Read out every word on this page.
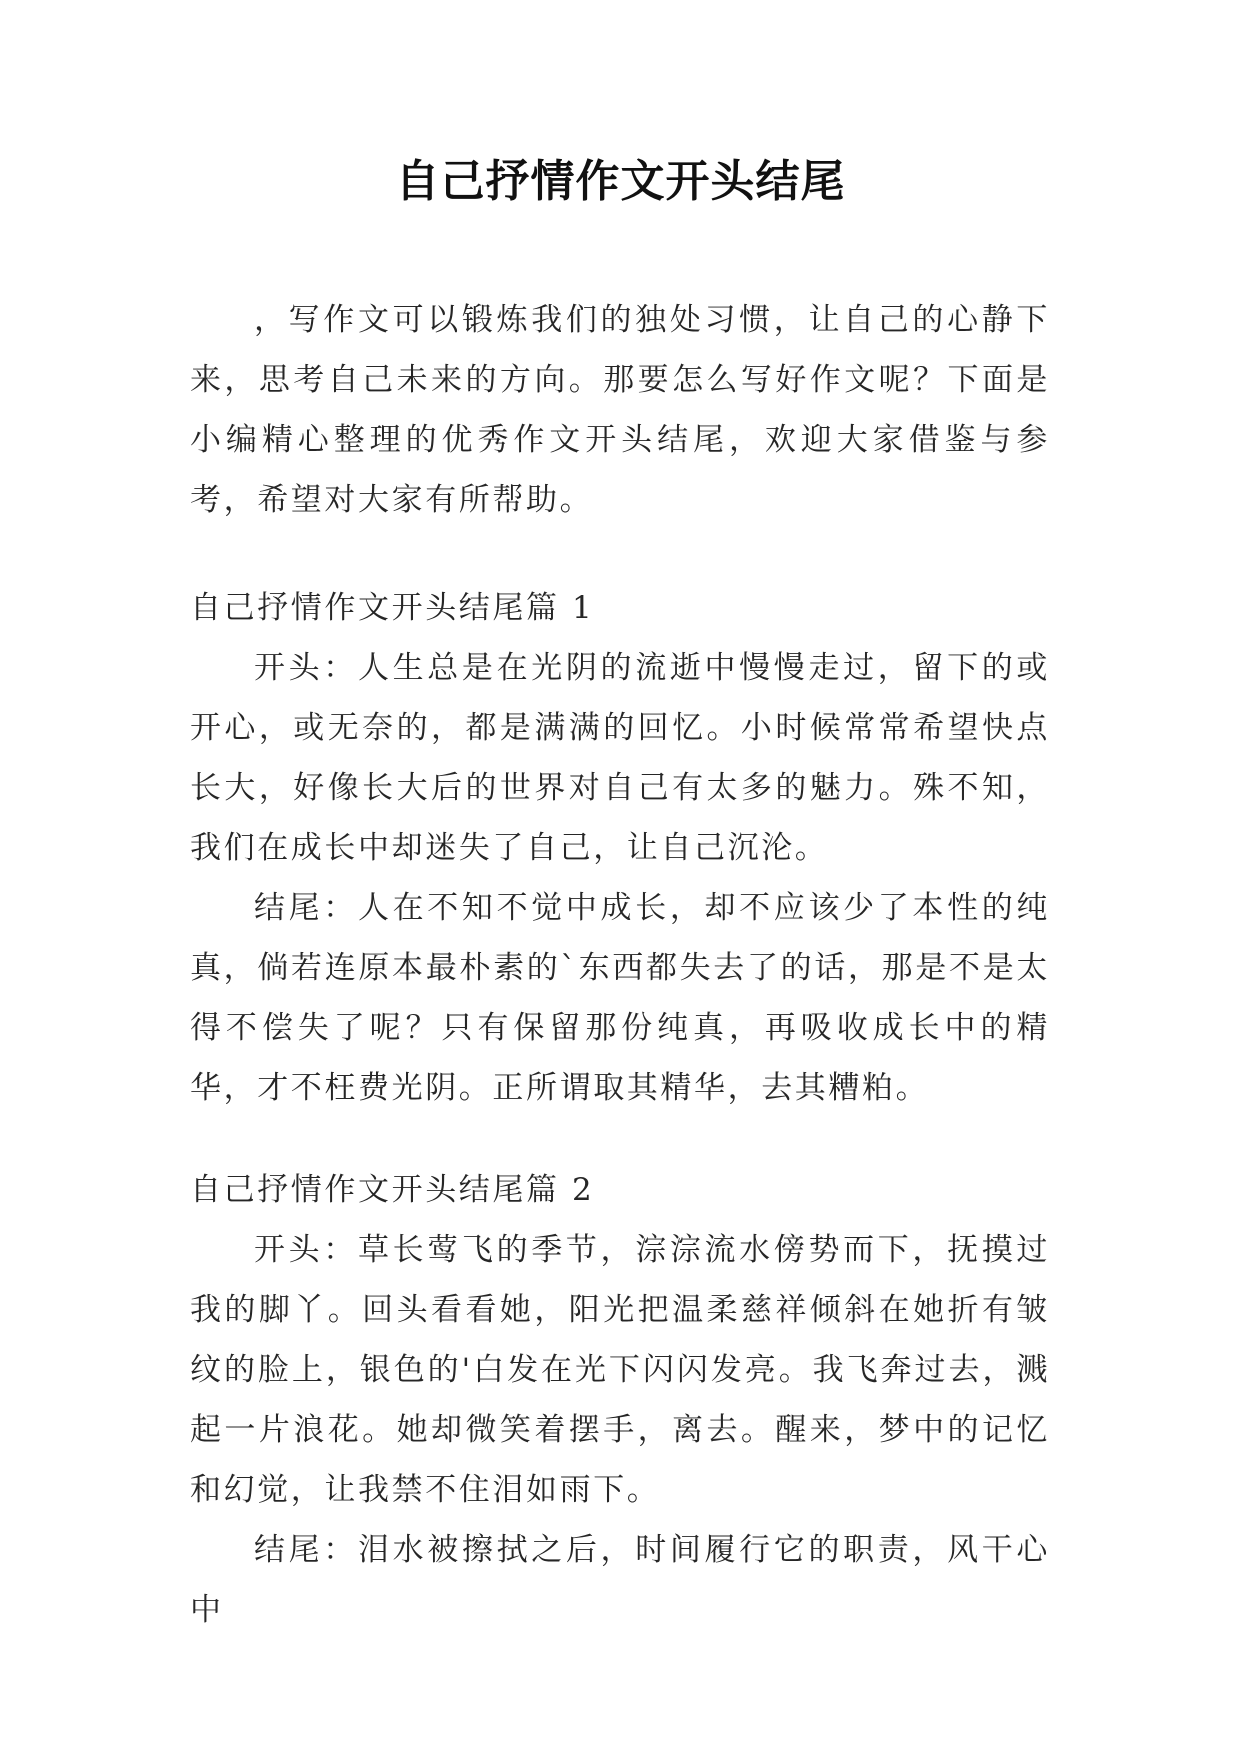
自己抒情作文开头结尾

，写作文可以锻炼我们的独处习惯，让自己的心静下来，思考自己未来的方向。那要怎么写好作文呢？下面是小编精心整理的优秀作文开头结尾，欢迎大家借鉴与参考，希望对大家有所帮助。

自己抒情作文开头结尾篇 1

开头：人生总是在光阴的流逝中慢慢走过，留下的或开心，或无奈的，都是满满的回忆。小时候常常希望快点长大，好像长大后的世界对自己有太多的魅力。殊不知，我们在成长中却迷失了自己，让自己沉沦。

结尾：人在不知不觉中成长，却不应该少了本性的纯真，倘若连原本最朴素的`东西都失去了的话，那是不是太得不偿失了呢？只有保留那份纯真，再吸收成长中的精华，才不枉费光阴。正所谓取其精华，去其糟粕。

自己抒情作文开头结尾篇 2

开头：草长莺飞的季节，淙淙流水傍势而下，抚摸过我的脚丫。回头看看她，阳光把温柔慈祥倾斜在她折有皱纹的脸上，银色的'白发在光下闪闪发亮。我飞奔过去，溅起一片浪花。她却微笑着摆手，离去。醒来，梦中的记忆和幻觉，让我禁不住泪如雨下。

结尾：泪水被擦拭之后，时间履行它的职责，风干心中
